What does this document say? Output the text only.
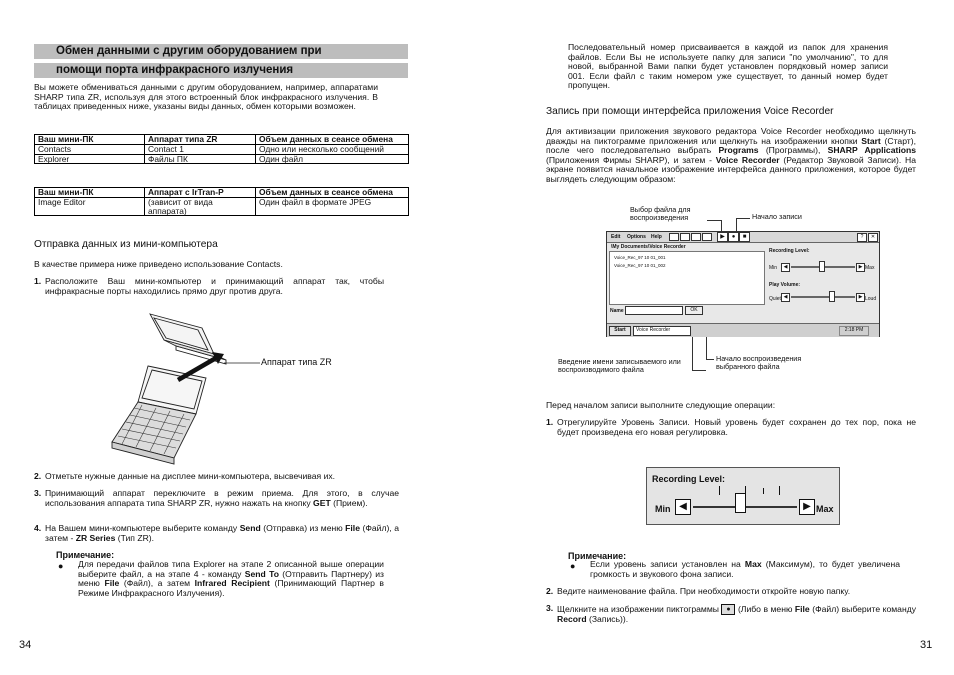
Обмен данными с другим оборудованием при
помощи порта инфракрасного излучения

Вы можете обмениваться данными с другим оборудованием, например, аппаратами SHARP типа ZR, используя для этого встроенный блок инфракрасного излучения. В таблицах приведенных ниже, указаны виды данных, обмен которыми возможен.

Ваш мини-ПК	Аппарат типа ZR	Объем данных в сеансе обмена
Contacts	Contact 1	Одно или несколько сообщений
Explorer	Файлы ПК	Один файл
Ваш мини-ПК	Аппарат с IrTran-P	Объем данных в сеансе обмена
Image Editor	(зависит от вида аппарата)	Один файл в формате JPEG
Отправка данных из мини-компьютера

В качестве примера ниже приведено использование Contacts.

1. Расположите Ваш мини-компьютер и принимающий аппарат так, чтобы инфракрасные порты находились прямо друг против друга.
Аппарат типа ZR
2. Отметьте нужные данные на дисплее мини-компьютера, высвечивая их.
3. Принимающий аппарат переключите в режим приема. Для этого, в случае использования аппарата типа SHARP ZR, нужно нажать на кнопку GET (Прием).
4. На Вашем мини-компьютере выберите команду Send (Отправка) из меню File (Файл), а затем - ZR Series (Тип ZR).
Примечание:
● Для передачи файлов типа Explorer на этапе 2 описанной выше операции выберите файл, а на этапе 4 - команду Send To (Отправить Партнеру) из меню File (Файл), а затем Infrared Recipient (Принимающий Партнер в Режиме Инфракрасного Излучения).

34

Последовательный номер присваивается в каждой из папок для хранения файлов. Если Вы не используете папку для записи "по умолчанию", то для новой, выбранной Вами папки будет установлен порядковый номер записи 001. Если файл с таким номером уже существует, то данный номер будет пропущен.

Запись при помощи интерфейса приложения Voice Recorder

Для активизации приложения звукового редактора Voice Recorder необходимо щелкнуть дважды на пиктограмме приложения или щелкнуть на изображении кнопки Start (Старт), после чего последовательно выбрать Programs (Программы), SHARP Applications (Приложения Фирмы SHARP), и затем - Voice Recorder (Редактор Звуковой Записи). На экране появится начальное изображение интерфейса данного приложения, которое будет выглядеть следующим образом:

Выбор файла для воспроизведения	Начало записи
Введение имени записываемого или воспроизводимого файла
Начало воспроизведения выбранного файла
Edit Options Help	▶	●	■	?	✕
\My Documents\Voice Recorder
Voice_Rec_97 10 01_001
Voice_Rec_97 10 01_002
Recording Level:
Min	◀	▶ Max
Play Volume:
Quiet ◀	▶ Loud
Name	OK
Start	Voice Recorder	2:18 PM

Перед началом записи выполните следующие операции:

1. Отрегулируйте Уровень Записи. Новый уровень будет сохранен до тех пор, пока не будет произведена его новая регулировка.
Recording Level:
Min ◀	▶ Max
Примечание:
● Если уровень записи установлен на Max (Максимум), то будет увеличена громкость и звукового фона записи.

2. Ведите наименование файла. При необходимости откройте новую папку.
3. Щелкните на изображении пиктограммы ● (Либо в меню File (Файл) выберите команду Record (Запись)).
31
